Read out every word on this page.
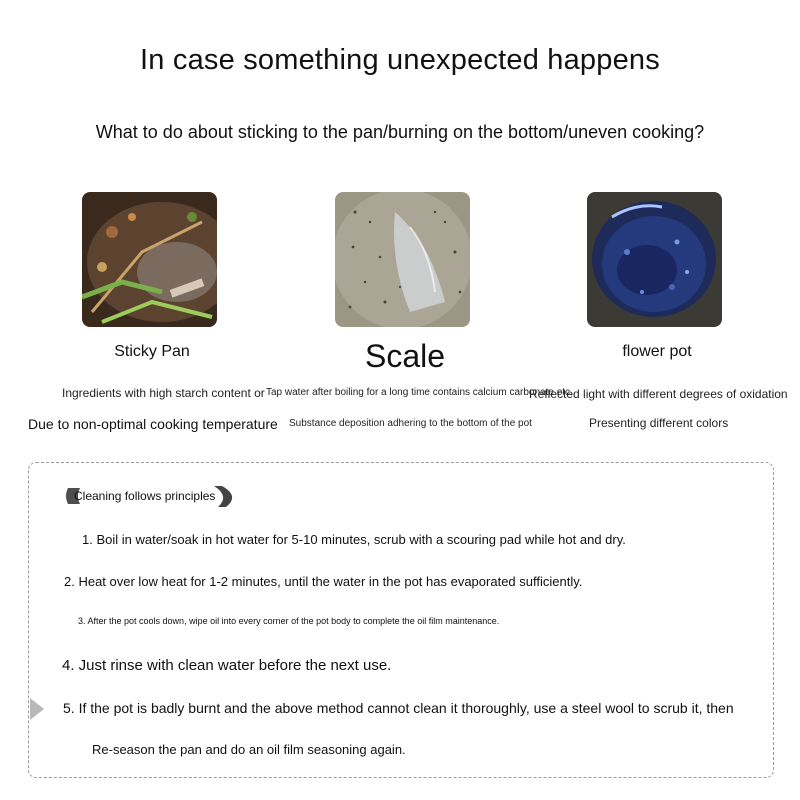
In case something unexpected happens
What to do about sticking to the pan/burning on the bottom/uneven cooking?
Sticky Pan	Scale	flower pot
Ingredients with high starch content or
Due to non-optimal cooking temperature
Tap water after boiling for a long time contains calcium carbonate etc.
Substance deposition adhering to the bottom of the pot
Reflected light with different degrees of oxidation
Presenting different colors
Cleaning follows principles
1. Boil in water/soak in hot water for 5-10 minutes, scrub with a scouring pad while hot and dry.
2. Heat over low heat for 1-2 minutes, until the water in the pot has evaporated sufficiently.
3. After the pot cools down, wipe oil into every corner of the pot body to complete the oil film maintenance.
4. Just rinse with clean water before the next use.
5. If the pot is badly burnt and the above method cannot clean it thoroughly, use a steel wool to scrub it, then
Re-season the pan and do an oil film seasoning again.
